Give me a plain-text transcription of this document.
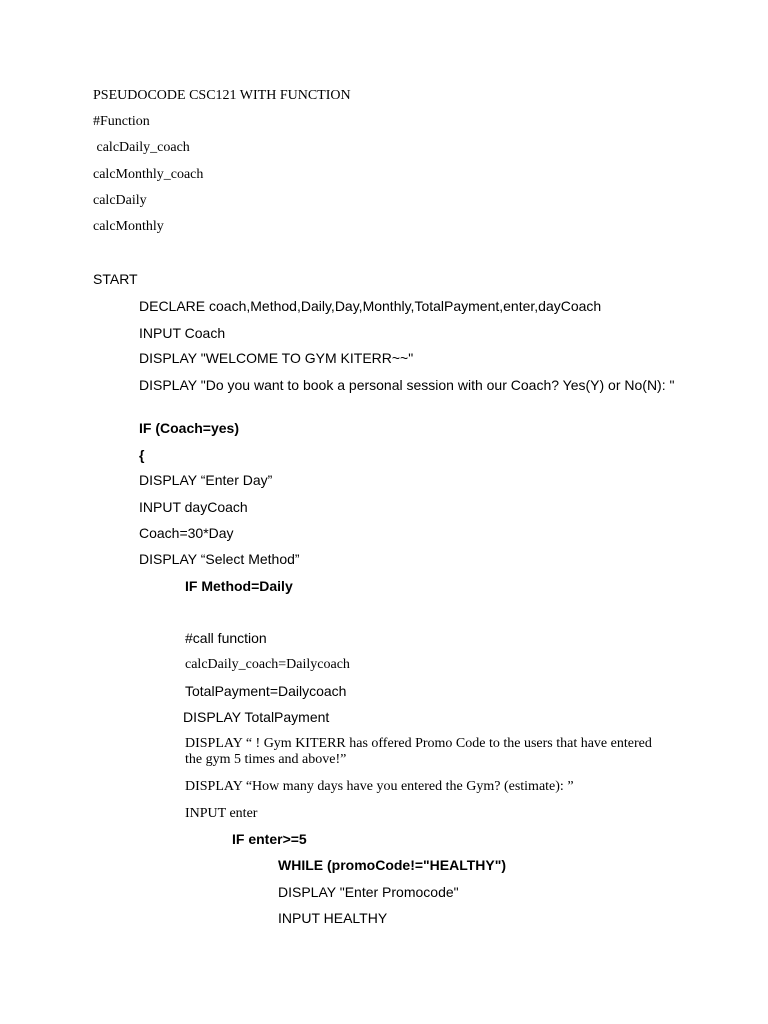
PSEUDOCODE CSC121 WITH FUNCTION
#Function
calcDaily_coach
calcMonthly_coach
calcDaily
calcMonthly
START
DECLARE coach,Method,Daily,Day,Monthly,TotalPayment,enter,dayCoach
INPUT Coach
DISPLAY "WELCOME TO GYM KITERR~~"
DISPLAY "Do you want to book a personal session with our Coach? Yes(Y) or No(N): "
IF (Coach=yes)
{
DISPLAY “Enter Day”
INPUT dayCoach
Coach=30*Day
DISPLAY “Select Method”
IF Method=Daily
#call function
calcDaily_coach=Dailycoach
TotalPayment=Dailycoach
DISPLAY TotalPayment
DISPLAY “ ! Gym KITERR has offered Promo Code to the users that have entered the gym 5 times and above!”
DISPLAY “How many days have you entered the Gym? (estimate): ”
INPUT enter
IF enter>=5
WHILE (promoCode!="HEALTHY")
DISPLAY "Enter Promocode"
INPUT HEALTHY
